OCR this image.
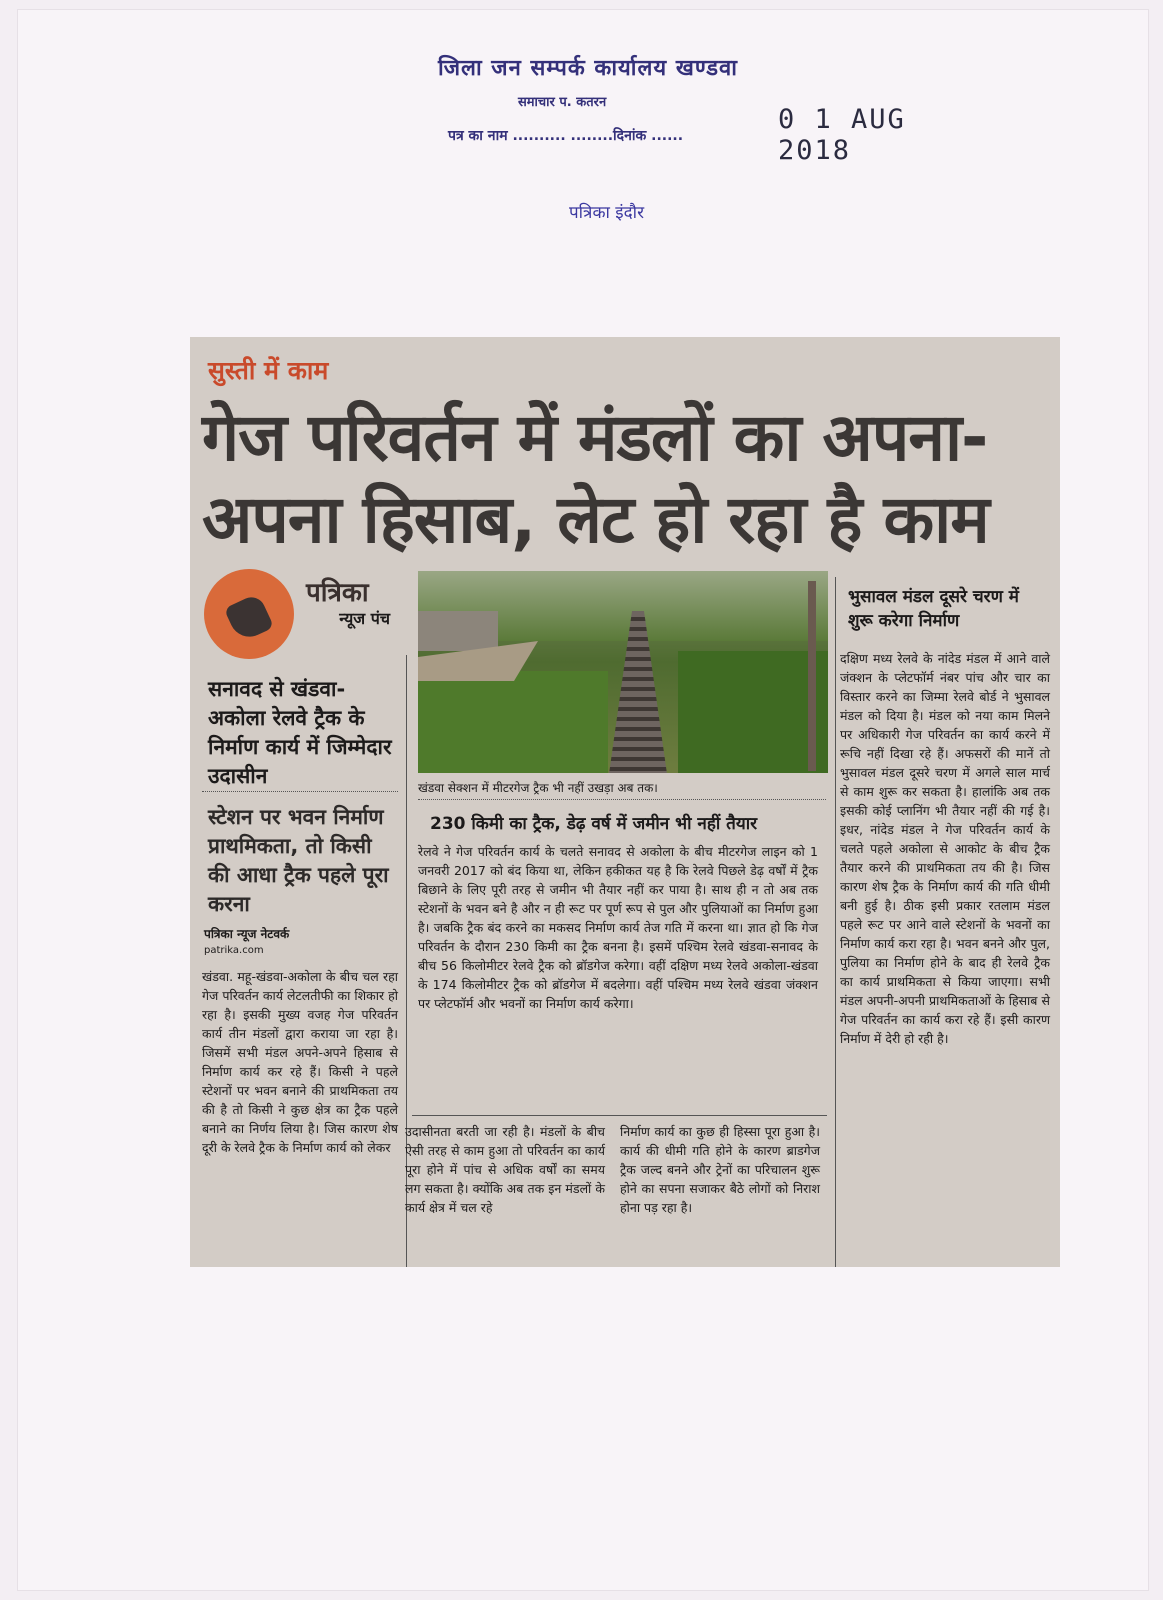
जिला जन सम्पर्क कार्यालय खण्डवा
समाचार प. कतरन
पत्र का नाम .......... ........दिनांक ......
0 1 AUG 2018
पत्रिका इंदौर
सुस्ती में काम
गेज परिवर्तन में मंडलों का अपना-
अपना हिसाब, लेट हो रहा है काम
पत्रिका
न्यूज पंच
सनावद से खंडवा-अकोला रेलवे ट्रैक के निर्माण कार्य में जिम्मेदार उदासीन
स्टेशन पर भवन निर्माण प्राथमिकता, तो किसी की आधा ट्रैक पहले पूरा करना
पत्रिका न्यूज नेटवर्क
patrika.com
खंडवा. महू-खंडवा-अकोला के बीच चल रहा गेज परिवर्तन कार्य लेटलतीफी का शिकार हो रहा है। इसकी मुख्य वजह गेज परिवर्तन कार्य तीन मंडलों द्वारा कराया जा रहा है। जिसमें सभी मंडल अपने-अपने हिसाब से निर्माण कार्य कर रहे हैं। किसी ने पहले स्टेशनों पर भवन बनाने की प्राथमिकता तय की है तो किसी ने कुछ क्षेत्र का ट्रैक पहले बनाने का निर्णय लिया है। जिस कारण शेष दूरी के रेलवे ट्रैक के निर्माण कार्य को लेकर
खंडवा सेक्शन में मीटरगेज ट्रैक भी नहीं उखड़ा अब तक।
230 किमी का ट्रैक, डेढ़ वर्ष में जमीन भी नहीं तैयार
रेलवे ने गेज परिवर्तन कार्य के चलते सनावद से अकोला के बीच मीटरगेज लाइन को 1 जनवरी 2017 को बंद किया था, लेकिन हकीकत यह है कि रेलवे पिछले डेढ़ वर्षों में ट्रैक बिछाने के लिए पूरी तरह से जमीन भी तैयार नहीं कर पाया है। साथ ही न तो अब तक स्टेशनों के भवन बने है और न ही रूट पर पूर्ण रूप से पुल और पुलियाओं का निर्माण हुआ है। जबकि ट्रैक बंद करने का मकसद निर्माण कार्य तेज गति में करना था। ज्ञात हो कि गेज परिवर्तन के दौरान 230 किमी का ट्रैक बनना है। इसमें पश्चिम रेलवे खंडवा-सनावद के बीच 56 किलोमीटर रेलवे ट्रैक को ब्रॉडगेज करेगा। वहीं दक्षिण मध्य रेलवे अकोला-खंडवा के 174 किलोमीटर ट्रैक को ब्रॉडगेज में बदलेगा। वहीं पश्चिम मध्य रेलवे खंडवा जंक्शन पर प्लेटफॉर्म और भवनों का निर्माण कार्य करेगा।
उदासीनता बरती जा रही है। मंडलों के बीच ऐसी तरह से काम हुआ तो परिवर्तन का कार्य पूरा होने में पांच से अधिक वर्षों का समय लग सकता है। क्योंकि अब तक इन मंडलों के कार्य क्षेत्र में चल रहे
निर्माण कार्य का कुछ ही हिस्सा पूरा हुआ है। कार्य की धीमी गति होने के कारण ब्राडगेज ट्रैक जल्द बनने और ट्रेनों का परिचालन शुरू होने का सपना सजाकर बैठे लोगों को निराश होना पड़ रहा है।
भुसावल मंडल दूसरे चरण में शुरू करेगा निर्माण
दक्षिण मध्य रेलवे के नांदेड मंडल में आने वाले जंक्शन के प्लेटफॉर्म नंबर पांच और चार का विस्तार करने का जिम्मा रेलवे बोर्ड ने भुसावल मंडल को दिया है। मंडल को नया काम मिलने पर अधिकारी गेज परिवर्तन का कार्य करने में रूचि नहीं दिखा रहे हैं। अफसरों की मानें तो भुसावल मंडल दूसरे चरण में अगले साल मार्च से काम शुरू कर सकता है। हालांकि अब तक इसकी कोई प्लानिंग भी तैयार नहीं की गई है। इधर, नांदेड मंडल ने गेज परिवर्तन कार्य के चलते पहले अकोला से आकोट के बीच ट्रैक तैयार करने की प्राथमिकता तय की है। जिस कारण शेष ट्रैक के निर्माण कार्य की गति धीमी बनी हुई है। ठीक इसी प्रकार रतलाम मंडल पहले रूट पर आने वाले स्टेशनों के भवनों का निर्माण कार्य करा रहा है। भवन बनने और पुल, पुलिया का निर्माण होने के बाद ही रेलवे ट्रैक का कार्य प्राथमिकता से किया जाएगा। सभी मंडल अपनी-अपनी प्राथमिकताओं के हिसाब से गेज परिवर्तन का कार्य करा रहे हैं। इसी कारण निर्माण में देरी हो रही है।
